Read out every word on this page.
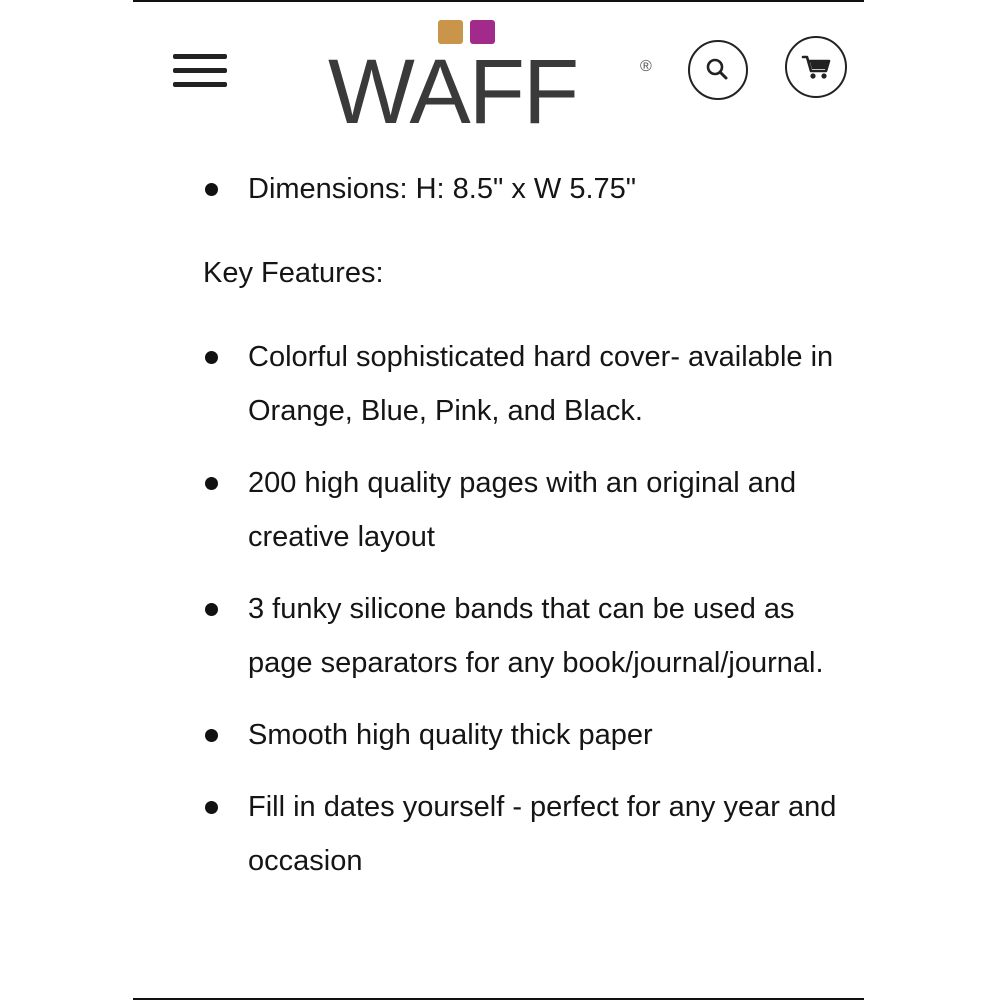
WAFF	®
Dimensions: H: 8.5" x W 5.75"
Key Features:
Colorful sophisticated hard cover- available in Orange, Blue, Pink, and Black.
200 high quality pages with an original and creative layout
3 funky silicone bands that can be used as page separators for any book/journal/journal.
Smooth high quality thick paper
Fill in dates yourself - perfect for any year and occasion
